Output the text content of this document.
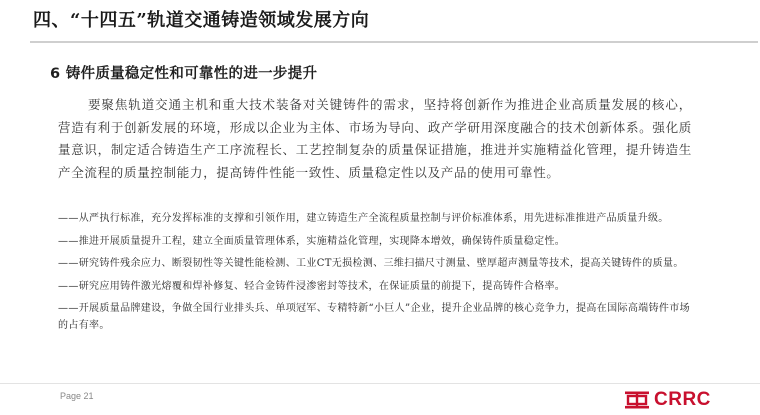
四、“十四五”轨道交通铸造领域发展方向
6 铸件质量稳定性和可靠性的进一步提升

要聚焦轨道交通主机和重大技术装备对关键铸件的需求，坚持将创新作为推进企业高质量发展的核心，营造有利于创新发展的环境，形成以企业为主体、市场为导向、政产学研用深度融合的技术创新体系。强化质量意识，制定适合铸造生产工序流程长、工艺控制复杂的质量保证措施，推进并实施精益化管理，提升铸造生产全流程的质量控制能力，提高铸件性能一致性、质量稳定性以及产品的使用可靠性。

——从严执行标准，充分发挥标准的支撑和引领作用，建立铸造生产全流程质量控制与评价标准体系，用先进标准推进产品质量升级。
——推进开展质量提升工程，建立全面质量管理体系，实施精益化管理，实现降本增效，确保铸件质量稳定性。
——研究铸件残余应力、断裂韧性等关键性能检测、工业CT无损检测、三维扫描尺寸测量、壁厚超声测量等技术，提高关键铸件的质量。
——研究应用铸件激光熔覆和焊补修复、轻合金铸件浸渗密封等技术，在保证质量的前提下，提高铸件合格率。
——开展质量品牌建设，争做全国行业排头兵、单项冠军、专精特新“小巨人”企业，提升企业品牌的核心竞争力，提高在国际高端铸件市场的占有率。
Page 21	CRRC
